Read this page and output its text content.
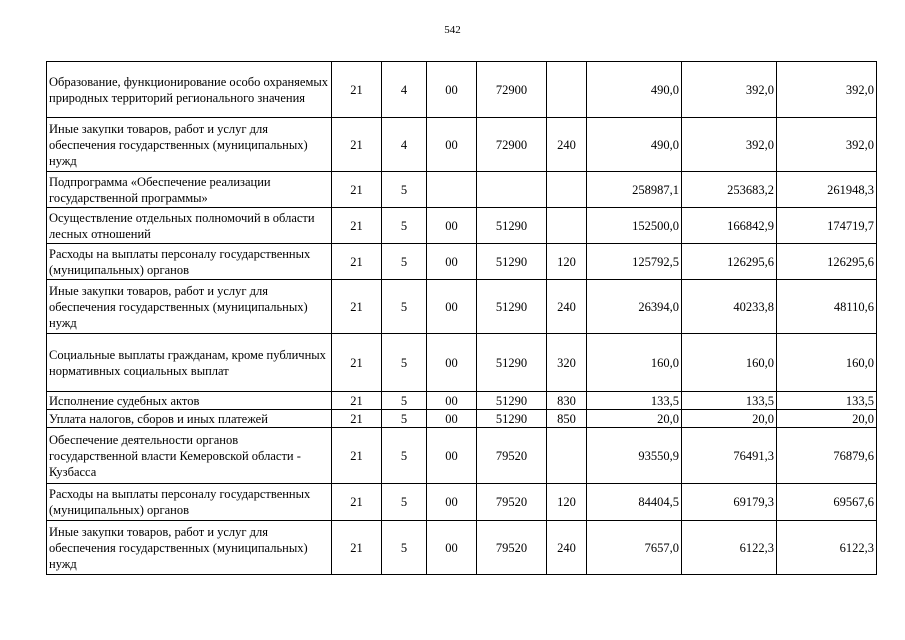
542
Образование, функционирование особо охраняемых природных территорий регионального значения	21	4	00	72900		490,0	392,0	392,0
Иные закупки товаров, работ и услуг для обеспечения государственных (муниципальных) нужд	21	4	00	72900	240	490,0	392,0	392,0
Подпрограмма «Обеспечение реализации государственной программы»	21	5				258987,1	253683,2	261948,3
Осуществление отдельных полномочий в области лесных отношений	21	5	00	51290		152500,0	166842,9	174719,7
Расходы на выплаты персоналу государственных (муниципальных) органов	21	5	00	51290	120	125792,5	126295,6	126295,6
Иные закупки товаров, работ и услуг для обеспечения государственных (муниципальных) нужд	21	5	00	51290	240	26394,0	40233,8	48110,6
Социальные выплаты гражданам, кроме публичных нормативных социальных выплат	21	5	00	51290	320	160,0	160,0	160,0
Исполнение судебных актов	21	5	00	51290	830	133,5	133,5	133,5
Уплата налогов, сборов и иных платежей	21	5	00	51290	850	20,0	20,0	20,0
Обеспечение деятельности органов государственной власти Кемеровской области - Кузбасса	21	5	00	79520		93550,9	76491,3	76879,6
Расходы на выплаты персоналу государственных (муниципальных) органов	21	5	00	79520	120	84404,5	69179,3	69567,6
Иные закупки товаров, работ и услуг для обеспечения государственных (муниципальных) нужд	21	5	00	79520	240	7657,0	6122,3	6122,3
